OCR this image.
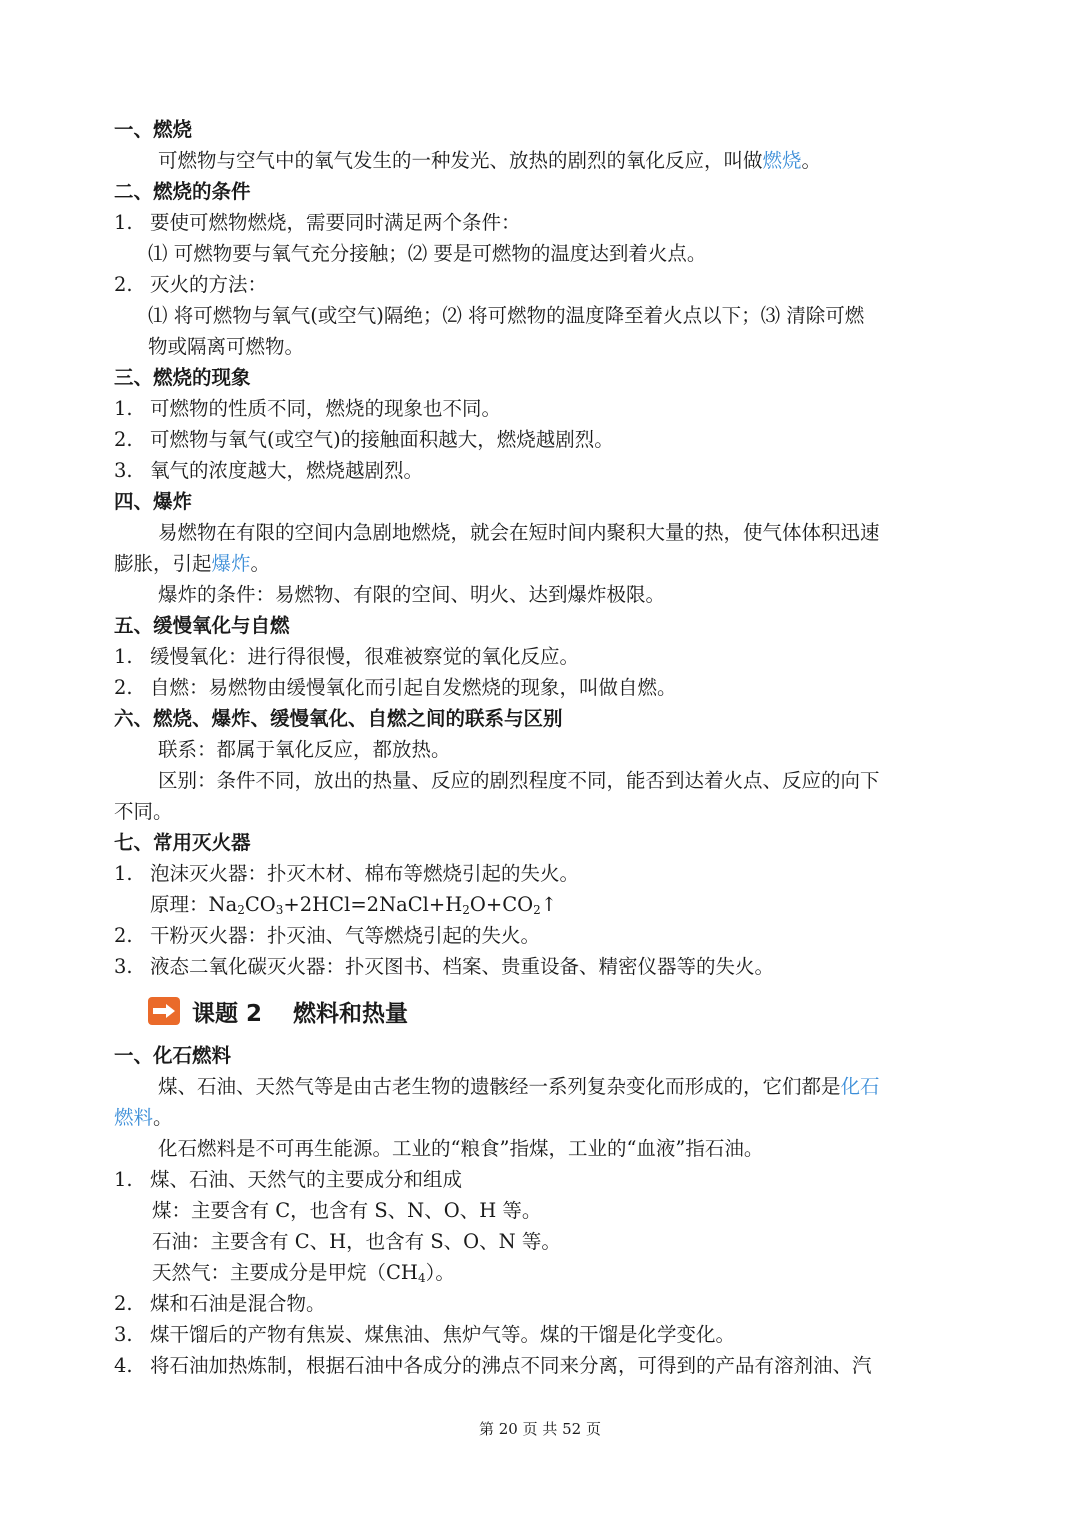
一、燃烧
可燃物与空气中的氧气发生的一种发光、放热的剧烈的氧化反应，叫做燃烧。
二、燃烧的条件
1. 要使可燃物燃烧，需要同时满足两个条件：
⑴ 可燃物要与氧气充分接触；⑵ 要是可燃物的温度达到着火点。
2. 灭火的方法：
⑴ 将可燃物与氧气(或空气)隔绝；⑵ 将可燃物的温度降至着火点以下；⑶ 清除可燃
物或隔离可燃物。
三、燃烧的现象
1. 可燃物的性质不同，燃烧的现象也不同。
2. 可燃物与氧气(或空气)的接触面积越大，燃烧越剧烈。
3. 氧气的浓度越大，燃烧越剧烈。
四、爆炸
易燃物在有限的空间内急剧地燃烧，就会在短时间内聚积大量的热，使气体体积迅速
膨胀，引起爆炸。
爆炸的条件：易燃物、有限的空间、明火、达到爆炸极限。
五、缓慢氧化与自燃
1. 缓慢氧化：进行得很慢，很难被察觉的氧化反应。
2. 自燃：易燃物由缓慢氧化而引起自发燃烧的现象，叫做自燃。
六、燃烧、爆炸、缓慢氧化、自燃之间的联系与区别
联系：都属于氧化反应，都放热。
区别：条件不同，放出的热量、反应的剧烈程度不同，能否到达着火点、反应的向下
不同。
七、常用灭火器
1. 泡沫灭火器：扑灭木材、棉布等燃烧引起的失火。
原理：Na2CO3+2HCl=2NaCl+H2O+CO2↑
2. 干粉灭火器：扑灭油、气等燃烧引起的失火。
3. 液态二氧化碳灭火器：扑灭图书、档案、贵重设备、精密仪器等的失火。
课题 2　 燃料和热量
一、化石燃料
煤、石油、天然气等是由古老生物的遗骸经一系列复杂变化而形成的，它们都是化石
燃料。
化石燃料是不可再生能源。工业的“粮食”指煤，工业的“血液”指石油。
1. 煤、石油、天然气的主要成分和组成
煤：主要含有 C，也含有 S、N、O、H 等。
石油：主要含有 C、H，也含有 S、O、N 等。
天然气：主要成分是甲烷（CH4）。
2. 煤和石油是混合物。
3. 煤干馏后的产物有焦炭、煤焦油、焦炉气等。煤的干馏是化学变化。
4. 将石油加热炼制，根据石油中各成分的沸点不同来分离，可得到的产品有溶剂油、汽
第 20 页 共 52 页
